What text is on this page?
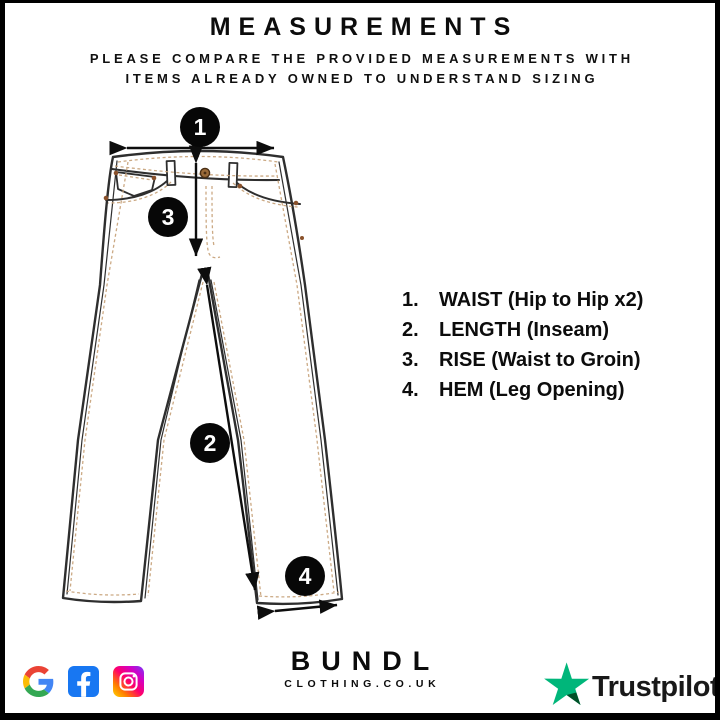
MEASUREMENTS

PLEASE COMPARE THE PROVIDED MEASUREMENTS WITH

ITEMS ALREADY OWNED TO UNDERSTAND SIZING

1
2
3
4
1.	WAIST (Hip to Hip x2)
2.	LENGTH (Inseam)
3.	RISE (Waist to Groin)
4.	HEM (Leg Opening)
BUNDL
CLOTHING.CO.UK	Trustpilot
